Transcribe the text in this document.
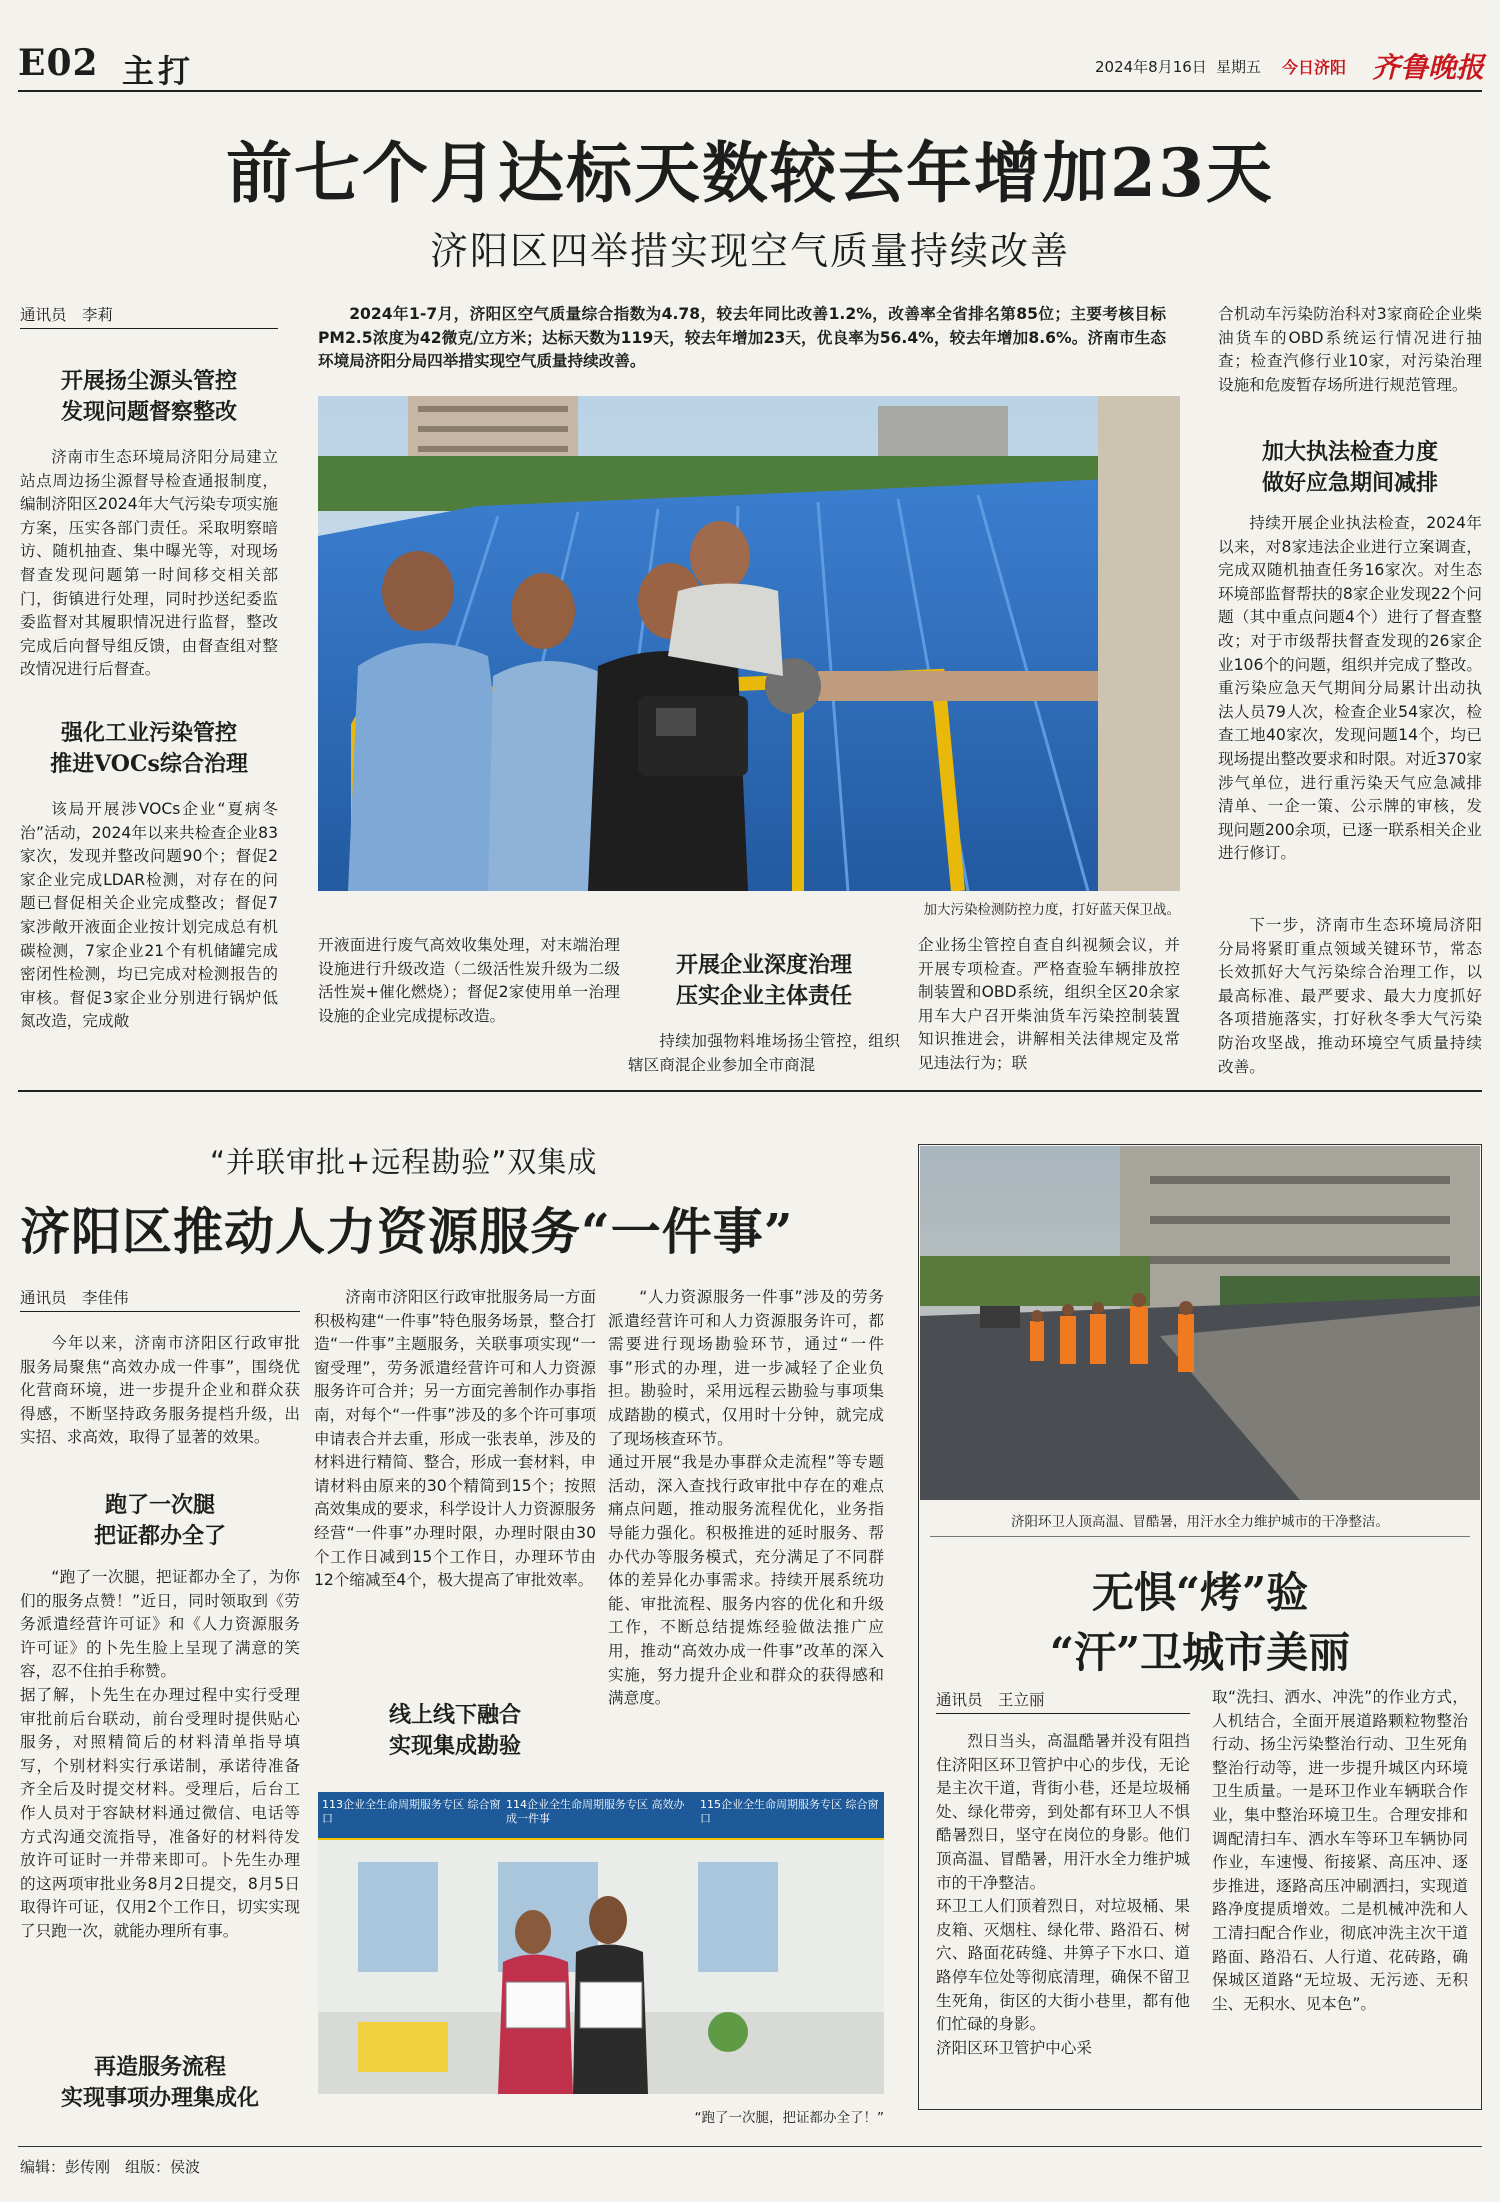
E02 主打	2024年8月16日 星期五 今日济阳 齐鲁晚报
前七个月达标天数较去年增加23天
济阳区四举措实现空气质量持续改善
通讯员　李莉
开展扬尘源头管控
发现问题督察整改
济南市生态环境局济阳分局建立站点周边扬尘源督导检查通报制度，编制济阳区2024年大气污染专项实施方案，压实各部门责任。采取明察暗访、随机抽查、集中曝光等，对现场督查发现问题第一时间移交相关部门，街镇进行处理，同时抄送纪委监委监督对其履职情况进行监督，整改完成后向督导组反馈，由督查组对整改情况进行后督查。
强化工业污染管控
推进VOCs综合治理
该局开展涉VOCs企业“夏病冬治”活动，2024年以来共检查企业83家次，发现并整改问题90个；督促2家企业完成LDAR检测，对存在的问题已督促相关企业完成整改；督促7家涉敞开液面企业按计划完成总有机碳检测，7家企业21个有机储罐完成密闭性检测，均已完成对检测报告的审核。督促3家企业分别进行锅炉低氮改造，完成敞
2024年1-7月，济阳区空气质量综合指数为4.78，较去年同比改善1.2%，改善率全省排名第85位；主要考核目标PM2.5浓度为42微克/立方米；达标天数为119天，较去年增加23天，优良率为56.4%，较去年增加8.6%。济南市生态环境局济阳分局四举措实现空气质量持续改善。
加大污染检测防控力度，打好蓝天保卫战。
开液面进行废气高效收集处理，对末端治理设施进行升级改造（二级活性炭升级为二级活性炭+催化燃烧）；督促2家使用单一治理设施的企业完成提标改造。
开展企业深度治理
压实企业主体责任
持续加强物料堆场扬尘管控，组织辖区商混企业参加全市商混
企业扬尘管控自查自纠视频会议，并开展专项检查。严格查验车辆排放控制装置和OBD系统，组织全区20余家用车大户召开柴油货车污染控制装置知识推进会，讲解相关法律规定及常见违法行为；联
合机动车污染防治科对3家商砼企业柴油货车的OBD系统运行情况进行抽查；检查汽修行业10家，对污染治理设施和危废暂存场所进行规范管理。
加大执法检查力度
做好应急期间减排
持续开展企业执法检查，2024年以来，对8家违法企业进行立案调查，完成双随机抽查任务16家次。对生态环境部监督帮扶的8家企业发现22个问题（其中重点问题4个）进行了督查整改；对于市级帮扶督查发现的26家企业106个的问题，组织并完成了整改。重污染应急天气期间分局累计出动执法人员79人次，检查企业54家次，检查工地40家次，发现问题14个，均已现场提出整改要求和时限。对近370家涉气单位，进行重污染天气应急减排清单、一企一策、公示牌的审核，发现问题200余项，已逐一联系相关企业进行修订。
下一步，济南市生态环境局济阳分局将紧盯重点领域关键环节，常态长效抓好大气污染综合治理工作，以最高标准、最严要求、最大力度抓好各项措施落实，打好秋冬季大气污染防治攻坚战，推动环境空气质量持续改善。
“并联审批+远程勘验”双集成
济阳区推动人力资源服务“一件事”
通讯员　李佳伟
今年以来，济南市济阳区行政审批服务局聚焦“高效办成一件事”，围绕优化营商环境，进一步提升企业和群众获得感，不断坚持政务服务提档升级，出实招、求高效，取得了显著的效果。
跑了一次腿
把证都办全了
“跑了一次腿，把证都办全了，为你们的服务点赞！”近日，同时领取到《劳务派遣经营许可证》和《人力资源服务许可证》的卜先生脸上呈现了满意的笑容，忍不住拍手称赞。
据了解，卜先生在办理过程中实行受理审批前后台联动，前台受理时提供贴心服务，对照精简后的材料清单指导填写，个别材料实行承诺制，承诺待准备齐全后及时提交材料。受理后，后台工作人员对于容缺材料通过微信、电话等方式沟通交流指导，准备好的材料待发放许可证时一并带来即可。卜先生办理的这两项审批业务8月2日提交，8月5日取得许可证，仅用2个工作日，切实实现了只跑一次，就能办理所有事。
再造服务流程
实现事项办理集成化
济南市济阳区行政审批服务局一方面积极构建“一件事”特色服务场景，整合打造“一件事”主题服务，关联事项实现“一窗受理”，劳务派遣经营许可和人力资源服务许可合并；另一方面完善制作办事指南，对每个“一件事”涉及的多个许可事项申请表合并去重，形成一张表单，涉及的材料进行精简、整合，形成一套材料，申请材料由原来的30个精简到15个；按照高效集成的要求，科学设计人力资源服务经营“一件事”办理时限，办理时限由30个工作日减到15个工作日，办理环节由12个缩减至4个，极大提高了审批效率。
线上线下融合
实现集成勘验
“人力资源服务一件事”涉及的劳务派遣经营许可和人力资源服务许可，都需要进行现场勘验环节，通过“一件事”形式的办理，进一步减轻了企业负担。勘验时，采用远程云勘验与事项集成踏勘的模式，仅用时十分钟，就完成了现场核查环节。
通过开展“我是办事群众走流程”等专题活动，深入查找行政审批中存在的难点痛点问题，推动服务流程优化，业务指导能力强化。积极推进的延时服务、帮办代办等服务模式，充分满足了不同群体的差异化办事需求。持续开展系统功能、审批流程、服务内容的优化和升级工作，不断总结提炼经验做法推广应用，推动“高效办成一件事”改革的深入实施，努力提升企业和群众的获得感和满意度。
113企业全生命周期服务专区 综合窗口
114企业全生命周期服务专区 高效办成一件事
115企业全生命周期服务专区 综合窗口
“跑了一次腿，把证都办全了！”
济阳环卫人顶高温、冒酷暑，用汗水全力维护城市的干净整洁。
无惧“烤”验
“汗”卫城市美丽
通讯员　王立丽
烈日当头，高温酷暑并没有阻挡住济阳区环卫管护中心的步伐，无论是主次干道，背街小巷，还是垃圾桶处、绿化带旁，到处都有环卫人不惧酷暑烈日，坚守在岗位的身影。他们顶高温、冒酷暑，用汗水全力维护城市的干净整洁。
环卫工人们顶着烈日，对垃圾桶、果皮箱、灭烟柱、绿化带、路沿石、树穴、路面花砖缝、井箅子下水口、道路停车位处等彻底清理，确保不留卫生死角，街区的大街小巷里，都有他们忙碌的身影。
济阳区环卫管护中心采
取“洗扫、洒水、冲洗”的作业方式，人机结合，全面开展道路颗粒物整治行动、扬尘污染整治行动、卫生死角整治行动等，进一步提升城区内环境卫生质量。一是环卫作业车辆联合作业，集中整治环境卫生。合理安排和调配清扫车、洒水车等环卫车辆协同作业，车速慢、衔接紧、高压冲、逐步推进，逐路高压冲刷洒扫，实现道路净度提质增效。二是机械冲洗和人工清扫配合作业，彻底冲洗主次干道路面、路沿石、人行道、花砖路，确保城区道路“无垃圾、无污迹、无积尘、无积水、见本色”。
编辑：彭传刚　组版：侯波
